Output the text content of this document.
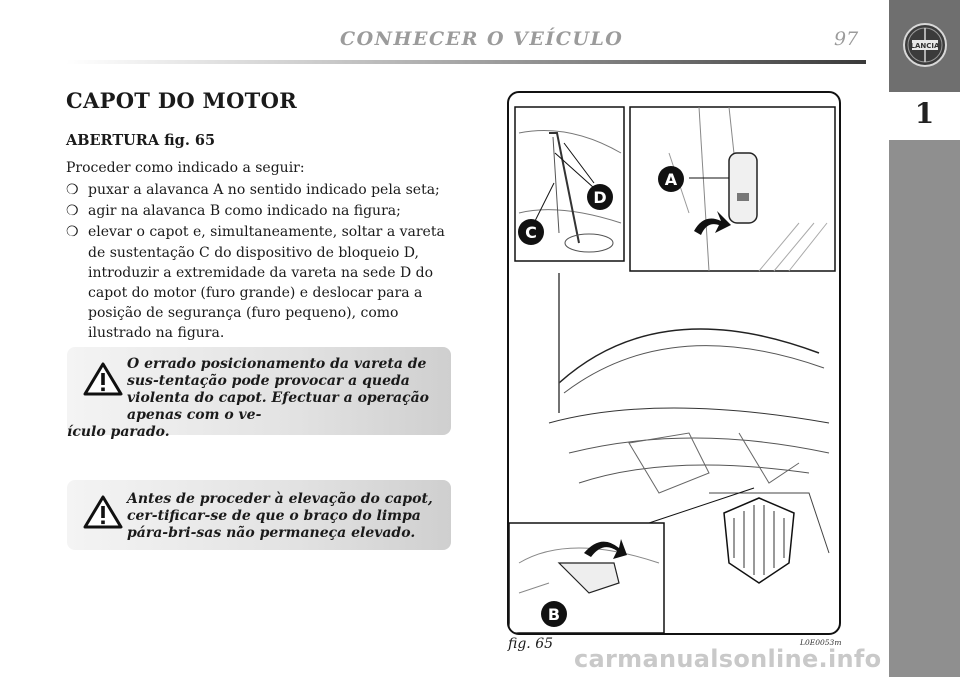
CONHECER O VEÍCULO	97	LANCIA
1
CAPOT DO MOTOR
ABERTURA fig. 65
Proceder como indicado a seguir:
❍ puxar a alavanca A no sentido indicado pela seta;
❍ agir na alavanca B como indicado na figura;
❍ elevar o capot e, simultaneamente, soltar a vareta de sustentação C do dispositivo de bloqueio D, introduzir a extremidade da vareta na sede D do capot do motor (furo grande) e deslocar para a posição de segurança (furo pequeno), como ilustrado na figura.
O errado posicionamento da vareta de sus-tentação pode provocar a queda violenta do capot. Efectuar a operação apenas com o ve-
ículo parado.
Antes de proceder à elevação do capot, cer-tificar-se de que o braço do limpa pára-bri-sas não permaneça elevado.
A
B
C
D
fig. 65	L0E0053m
carmanualsonline.info
